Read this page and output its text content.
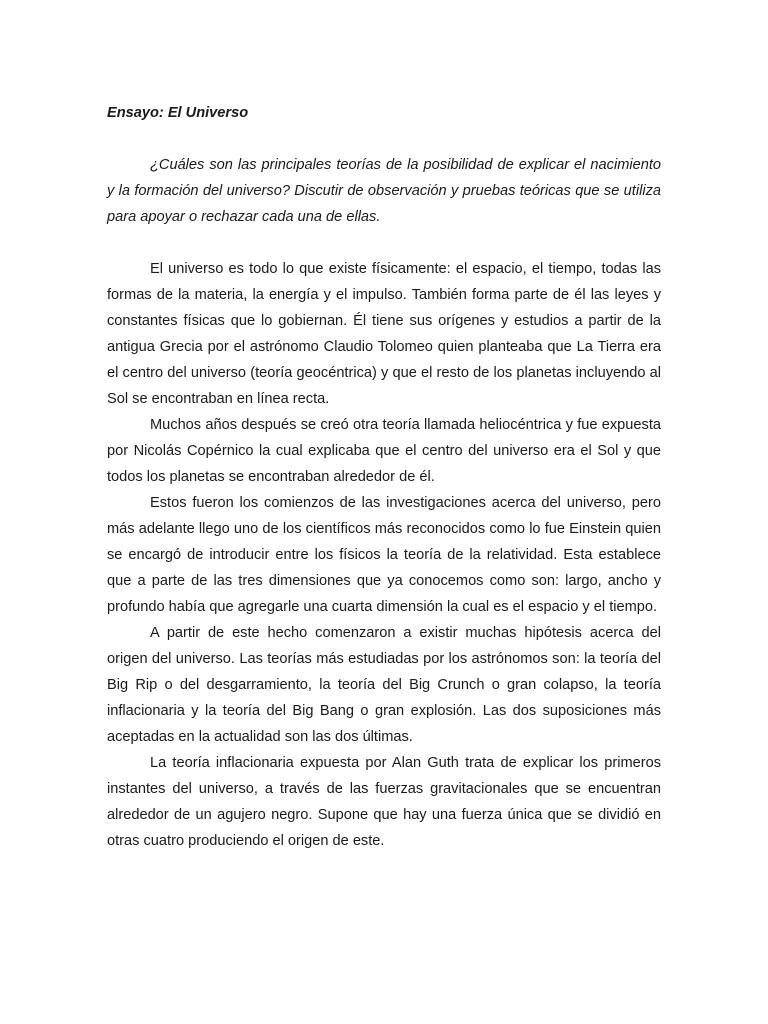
Ensayo: El Universo

¿Cuáles son las principales teorías de la posibilidad de explicar el nacimiento y la formación del universo? Discutir de observación y pruebas teóricas que se utiliza para apoyar o rechazar cada una de ellas.

El universo es todo lo que existe físicamente: el espacio, el tiempo, todas las formas de la materia, la energía y el impulso. También forma parte de él las leyes y constantes físicas que lo gobiernan. Él tiene sus orígenes y estudios a partir de la antigua Grecia por el astrónomo Claudio Tolomeo quien planteaba que La Tierra era el centro del universo (teoría geocéntrica) y que el resto de los planetas incluyendo al Sol se encontraban en línea recta.

Muchos años después se creó otra teoría llamada heliocéntrica y fue expuesta por Nicolás Copérnico la cual explicaba que el centro del universo era el Sol y que todos los planetas se encontraban alrededor de él.

Estos fueron los comienzos de las investigaciones acerca del universo, pero más adelante llego uno de los científicos más reconocidos como lo fue Einstein quien se encargó de introducir entre los físicos la teoría de la relatividad. Esta establece que a parte de las tres dimensiones que ya conocemos como son: largo, ancho y profundo había que agregarle una cuarta dimensión la cual es el espacio y el tiempo.

A partir de este hecho comenzaron a existir muchas hipótesis acerca del origen del universo. Las teorías más estudiadas por los astrónomos son: la teoría del Big Rip o del desgarramiento, la teoría del Big Crunch o gran colapso, la teoría inflacionaria y la teoría del Big Bang o gran explosión. Las dos suposiciones más aceptadas en la actualidad son las dos últimas.

La teoría inflacionaria expuesta por Alan Guth trata de explicar los primeros instantes del universo, a través de las fuerzas gravitacionales que se encuentran alrededor de un agujero negro. Supone que hay una fuerza única que se dividió en otras cuatro produciendo el origen de este.
